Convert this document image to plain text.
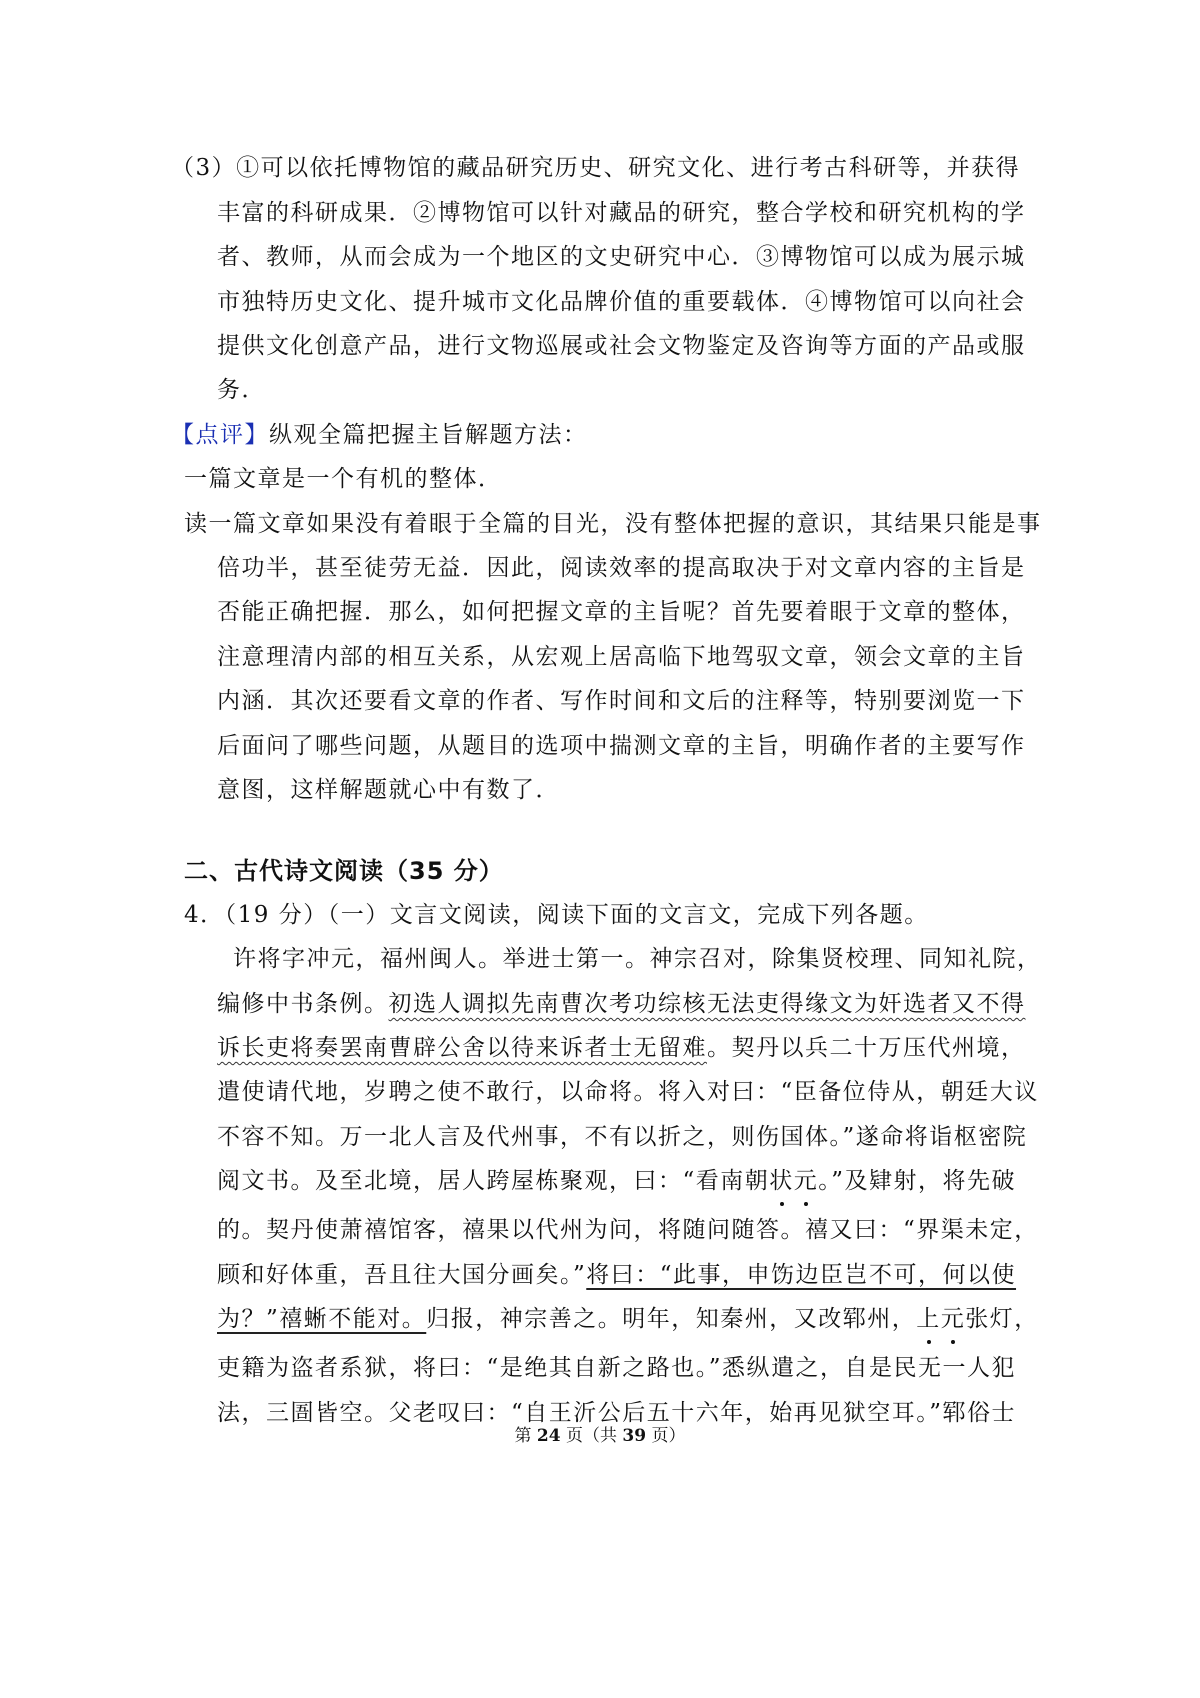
（3）①可以依托博物馆的藏品研究历史、研究文化、进行考古科研等，并获得
丰富的科研成果．②博物馆可以针对藏品的研究，整合学校和研究机构的学
者、教师，从而会成为一个地区的文史研究中心．③博物馆可以成为展示城
市独特历史文化、提升城市文化品牌价值的重要载体．④博物馆可以向社会
提供文化创意产品，进行文物巡展或社会文物鉴定及咨询等方面的产品或服
务．
【点评】纵观全篇把握主旨解题方法：
一篇文章是一个有机的整体．
读一篇文章如果没有着眼于全篇的目光，没有整体把握的意识，其结果只能是事
倍功半，甚至徒劳无益．因此，阅读效率的提高取决于对文章内容的主旨是
否能正确把握．那么，如何把握文章的主旨呢？首先要着眼于文章的整体，
注意理清内部的相互关系，从宏观上居高临下地驾驭文章，领会文章的主旨
内涵．其次还要看文章的作者、写作时间和文后的注释等，特别要浏览一下
后面问了哪些问题，从题目的选项中揣测文章的主旨，明确作者的主要写作
意图，这样解题就心中有数了．
二、古代诗文阅读（35 分）
4．（19 分）（一）文言文阅读，阅读下面的文言文，完成下列各题。
许将字冲元，福州闽人。举进士第一。神宗召对，除集贤校理、同知礼院，
编修中书条例。初选人调拟先南曹次考功综核无法吏得缘文为奸选者又不得
诉长吏将奏罢南曹辟公舍以待来诉者士无留难。契丹以兵二十万压代州境，
遣使请代地，岁聘之使不敢行，以命将。将入对曰：“臣备位侍从，朝廷大议
不容不知。万一北人言及代州事，不有以折之，则伤国体。”遂命将诣枢密院
阅文书。及至北境，居人跨屋栋聚观，曰：“看南朝状元。”及肄射，将先破
的。契丹使萧禧馆客，禧果以代州为问，将随问随答。禧又曰：“界渠未定，
顾和好体重，吾且往大国分画矣。”将曰：“此事，申饬边臣岂不可，何以使
为？”禧蜥不能对。归报，神宗善之。明年，知秦州，又改郓州，上元张灯，
吏籍为盗者系狱，将曰：“是绝其自新之路也。”悉纵遣之，自是民无一人犯
法，三圄皆空。父老叹曰：“自王沂公后五十六年，始再见狱空耳。”郓俗士
第 24 页（共 39 页）
